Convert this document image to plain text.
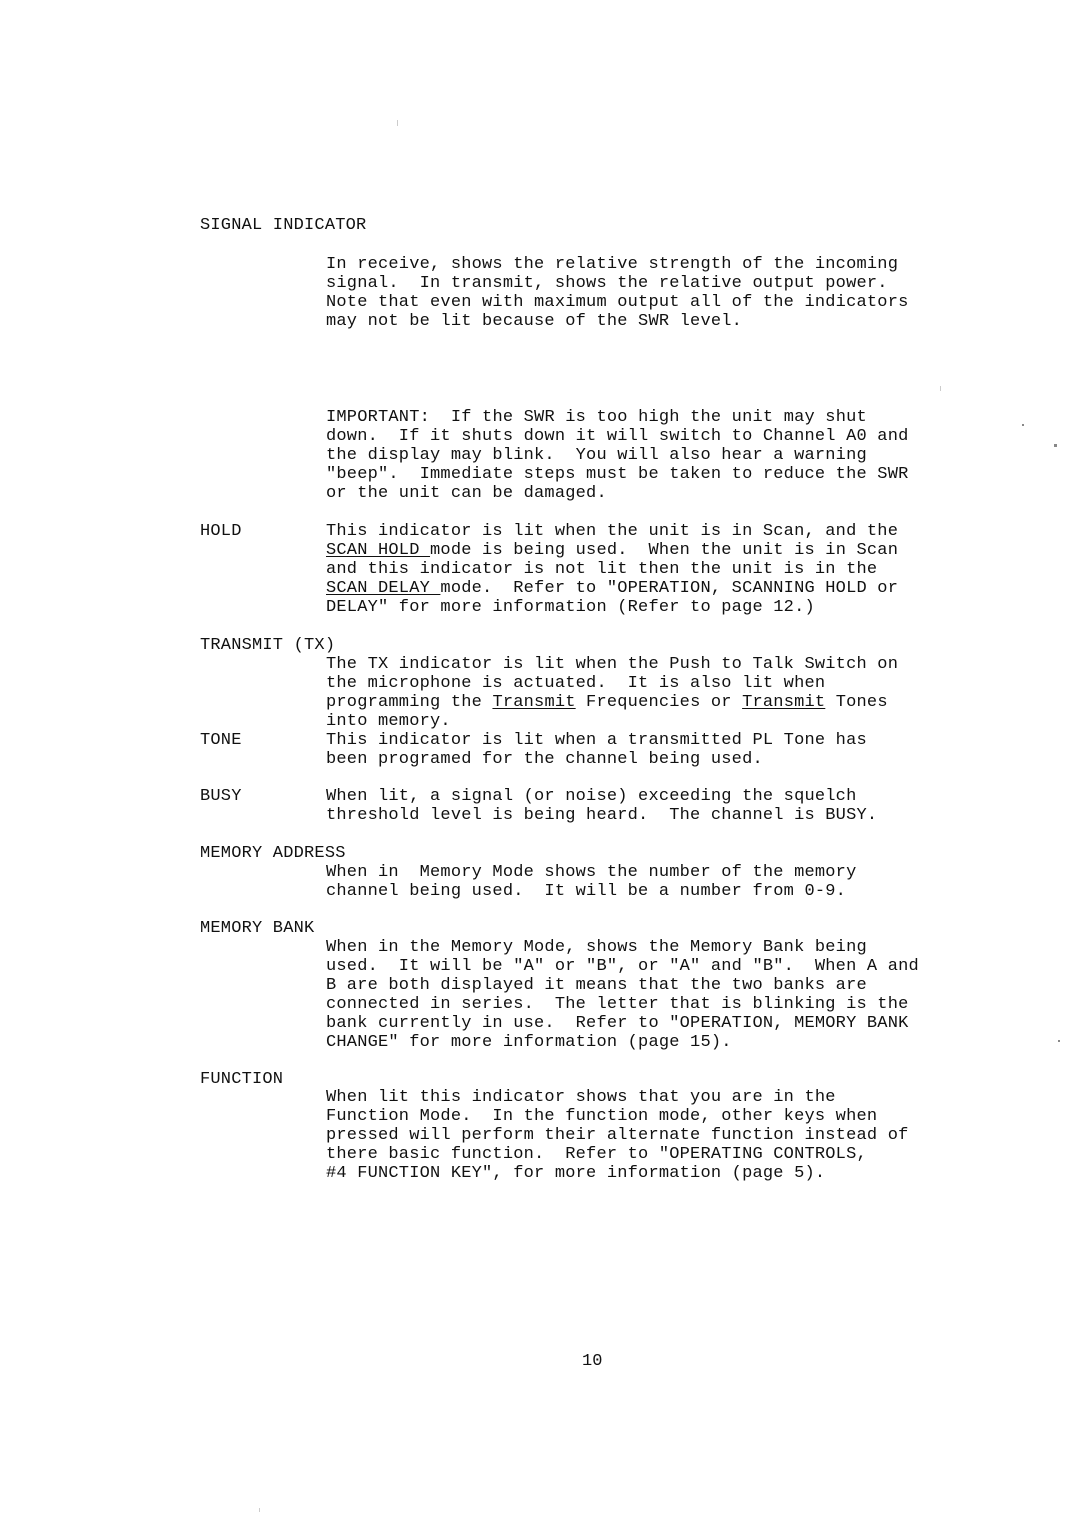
SIGNAL INDICATOR
In receive, shows the relative strength of the incoming
signal.  In transmit, shows the relative output power.
Note that even with maximum output all of the indicators
may not be lit because of the SWR level.
IMPORTANT:  If the SWR is too high the unit may shut
down.  If it shuts down it will switch to Channel A0 and
the display may blink.  You will also hear a warning
"beep".  Immediate steps must be taken to reduce the SWR
or the unit can be damaged.
HOLD	This indicator is lit when the unit is in Scan, and the
SCAN HOLD mode is being used.  When the unit is in Scan
and this indicator is not lit then the unit is in the
SCAN DELAY mode.  Refer to "OPERATION, SCANNING HOLD or
DELAY" for more information (Refer to page 12.)
TRANSMIT (TX)
The TX indicator is lit when the Push to Talk Switch on
the microphone is actuated.  It is also lit when
programming the Transmit Frequencies or Transmit Tones
into memory.
TONE	This indicator is lit when a transmitted PL Tone has
been programed for the channel being used.
BUSY	When lit, a signal (or noise) exceeding the squelch
threshold level is being heard.  The channel is BUSY.
MEMORY ADDRESS
When in  Memory Mode shows the number of the memory
channel being used.  It will be a number from 0-9.
MEMORY BANK
When in the Memory Mode, shows the Memory Bank being
used.  It will be "A" or "B", or "A" and "B".  When A and
B are both displayed it means that the two banks are
connected in series.  The letter that is blinking is the
bank currently in use.  Refer to "OPERATION, MEMORY BANK
CHANGE" for more information (page 15).
FUNCTION
When lit this indicator shows that you are in the
Function Mode.  In the function mode, other keys when
pressed will perform their alternate function instead of
there basic function.  Refer to "OPERATING CONTROLS,
#4 FUNCTION KEY", for more information (page 5).
10
